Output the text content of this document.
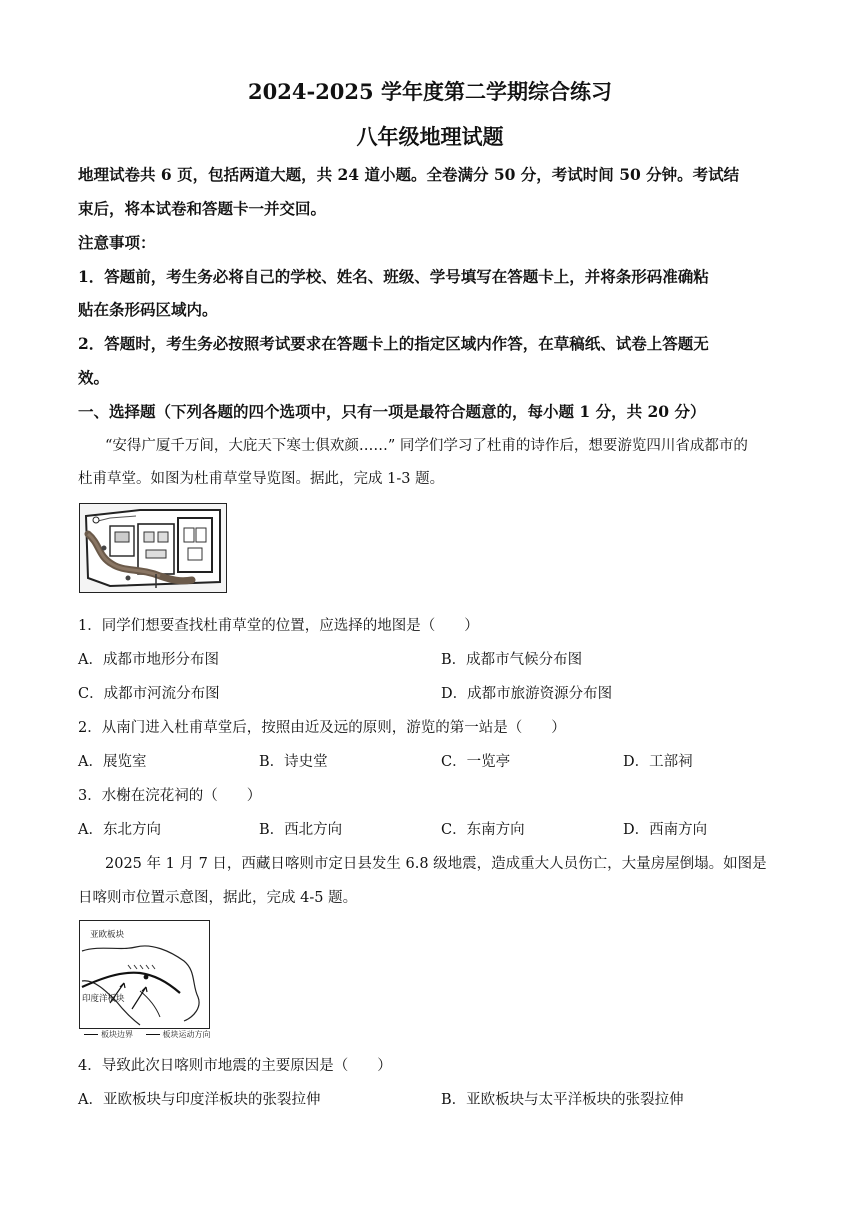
2024-2025 学年度第二学期综合练习
八年级地理试题
地理试卷共 6 页，包括两道大题，共 24 道小题。全卷满分 50 分，考试时间 50 分钟。考试结
束后，将本试卷和答题卡一并交回。
注意事项：
1．答题前，考生务必将自己的学校、姓名、班级、学号填写在答题卡上，并将条形码准确粘
贴在条形码区域内。
2．答题时，考生务必按照考试要求在答题卡上的指定区域内作答，在草稿纸、试卷上答题无
效。
一、选择题（下列各题的四个选项中，只有一项是最符合题意的，每小题 1 分，共 20 分）
“安得广厦千万间，大庇天下寒士俱欢颜……” 同学们学习了杜甫的诗作后，想要游览四川省成都市的
杜甫草堂。如图为杜甫草堂导览图。据此，完成 1-3 题。
1．同学们想要查找杜甫草堂的位置，应选择的地图是（　　）
A．成都市地形分布图	B．成都市气候分布图
C．成都市河流分布图	D．成都市旅游资源分布图
2．从南门进入杜甫草堂后，按照由近及远的原则，游览的第一站是（　　）
A．展览室	B．诗史堂	C．一览亭	D．工部祠
3．水榭在浣花祠的（　　）
A．东北方向	B．西北方向	C．东南方向	D．西南方向
2025 年 1 月 7 日，西藏日喀则市定日县发生 6.8 级地震，造成重大人员伤亡，大量房屋倒塌。如图是
日喀则市位置示意图，据此，完成 4-5 题。
亚欧板块
印度洋板块
板块边界	板块运动方向
4．导致此次日喀则市地震的主要原因是（　　）
A．亚欧板块与印度洋板块的张裂拉伸	B．亚欧板块与太平洋板块的张裂拉伸
